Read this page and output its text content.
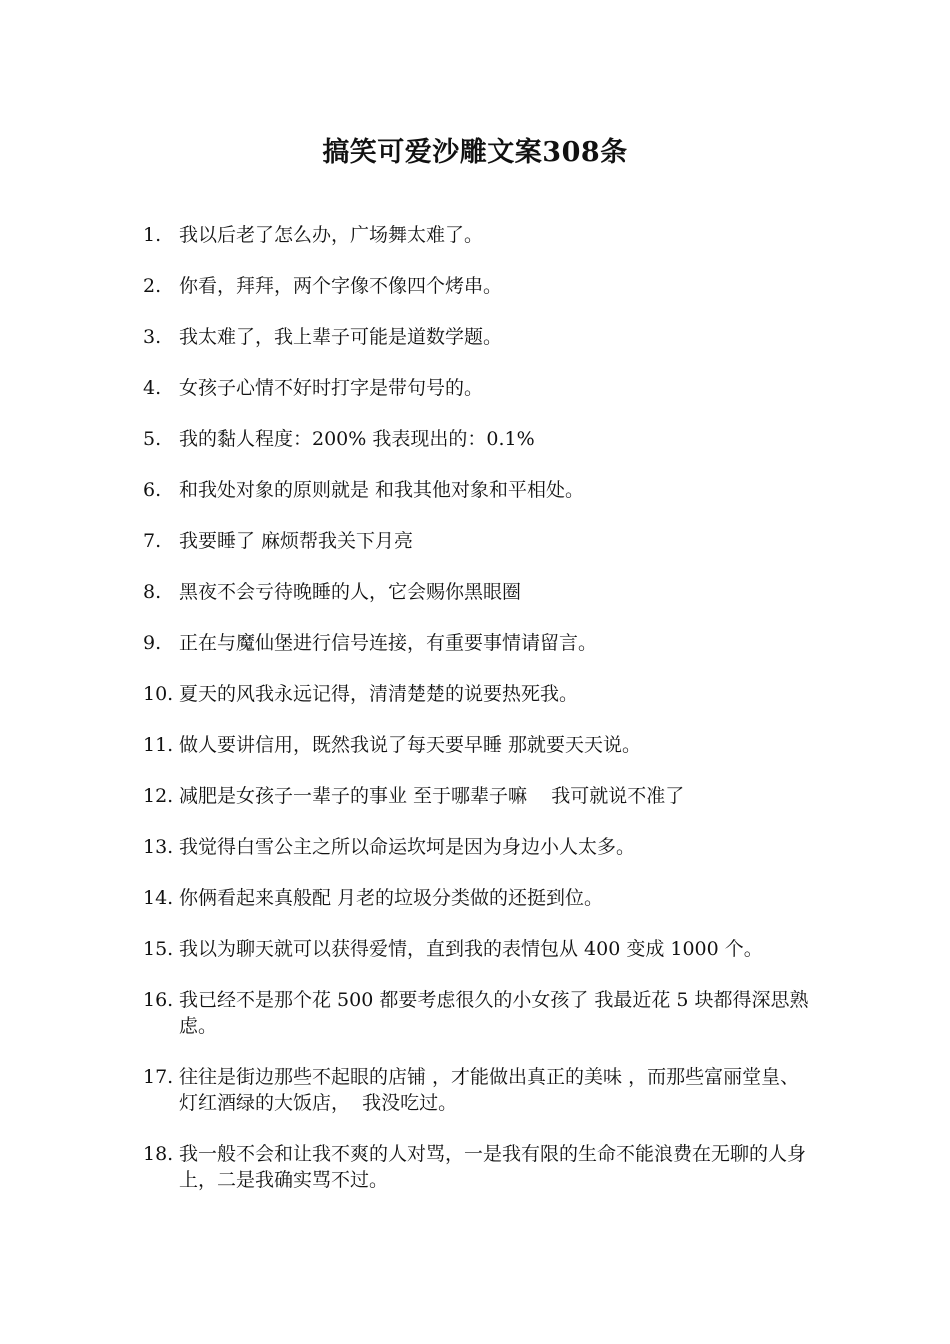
搞笑可爱沙雕文案308条
1. 我以后老了怎么办，广场舞太难了。
2. 你看，拜拜，两个字像不像四个烤串。
3. 我太难了，我上辈子可能是道数学题。
4. 女孩子心情不好时打字是带句号的。
5. 我的黏人程度：200% 我表现出的：0.1%
6. 和我处对象的原则就是 和我其他对象和平相处。
7. 我要睡了 麻烦帮我关下月亮
8. 黑夜不会亏待晚睡的人，它会赐你黑眼圈
9. 正在与魔仙堡进行信号连接，有重要事情请留言。
10. 夏天的风我永远记得，清清楚楚的说要热死我。
11. 做人要讲信用，既然我说了每天要早睡 那就要天天说。
12. 减肥是女孩子一辈子的事业 至于哪辈子嘛    我可就说不准了
13. 我觉得白雪公主之所以命运坎坷是因为身边小人太多。
14. 你俩看起来真般配 月老的垃圾分类做的还挺到位。
15. 我以为聊天就可以获得爱情，直到我的表情包从 400 变成 1000 个。
16. 我已经不是那个花 500 都要考虑很久的小女孩了 我最近花 5 块都得深思熟虑。
17. 往往是街边那些不起眼的店铺 ，才能做出真正的美味 ，而那些富丽堂皇、灯红酒绿的大饭店，  我没吃过。
18. 我一般不会和让我不爽的人对骂，一是我有限的生命不能浪费在无聊的人身上，二是我确实骂不过。
